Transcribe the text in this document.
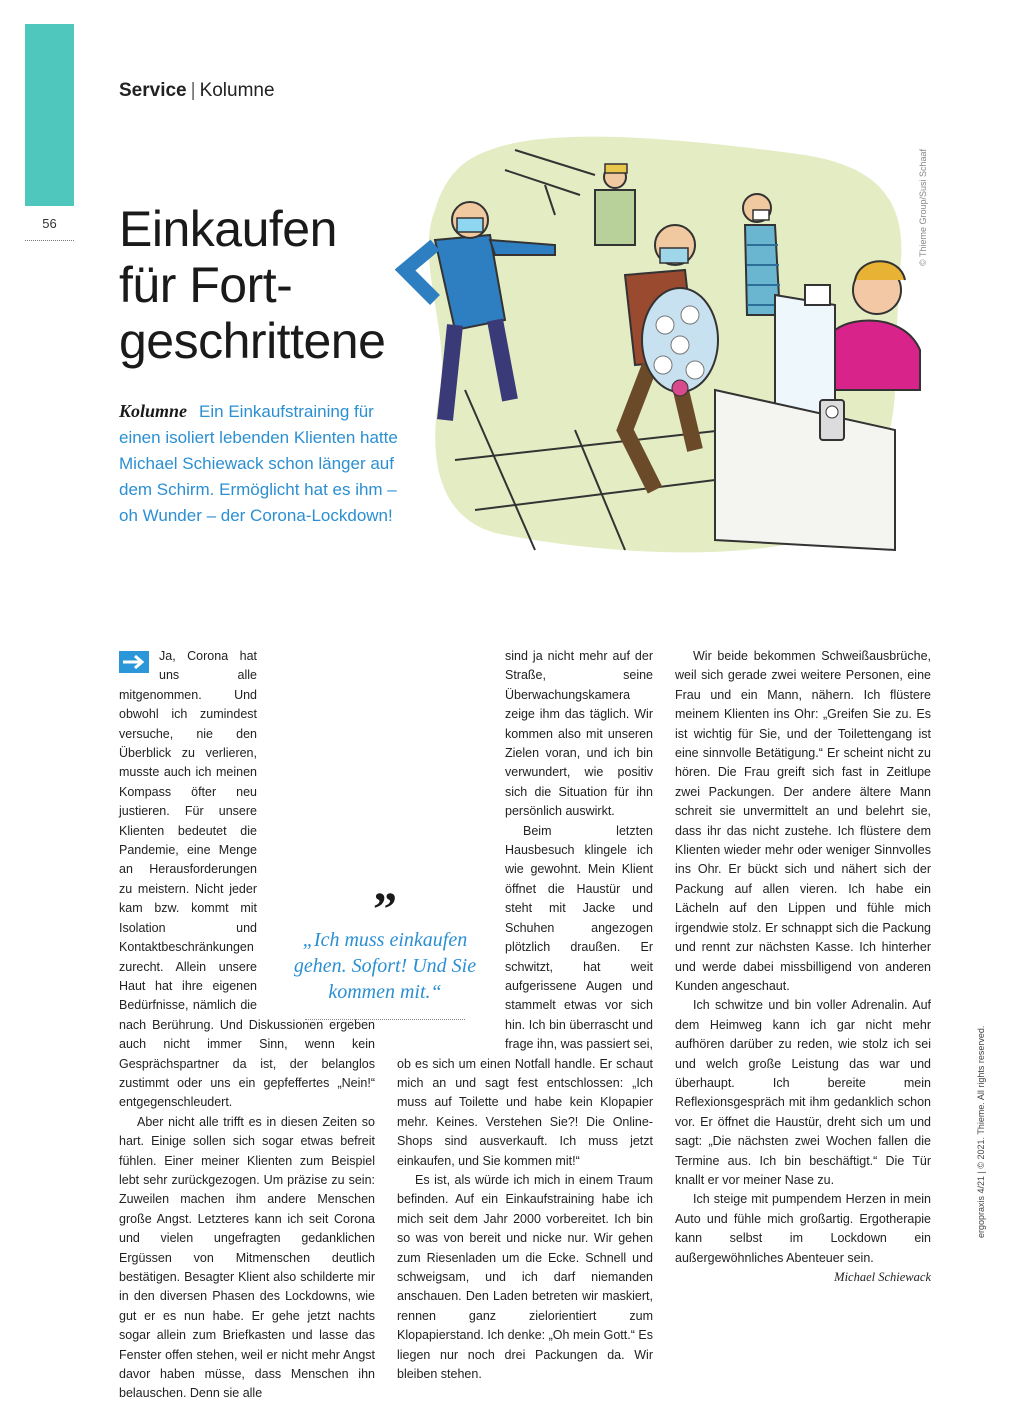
56
Service | Kolumne
Einkaufen
für Fort-
geschrittene
Kolumne Ein Einkaufstraining für einen isoliert lebenden Klienten hatte Michael Schiewack schon länger auf dem Schirm. Ermöglicht hat es ihm – oh Wunder – der Corona-Lockdown!
© Thieme Group/Susi Schaaf

Ja, Corona hat uns alle mitgenommen. Und obwohl ich zumindest versuche, nie den Überblick zu verlieren, musste auch ich meinen Kompass öfter neu justieren. Für unsere Klienten bedeutet die Pandemie, eine Menge an Herausforderungen zu meistern. Nicht jeder kam bzw. kommt mit Isolation und Kontaktbeschränkungen zurecht. Allein unsere Haut hat ihre eigenen Bedürfnisse, nämlich die nach Berührung. Und Diskussionen ergeben auch nicht immer Sinn, wenn kein Gesprächspartner da ist, der belanglos zustimmt oder uns ein gepfeffertes „Nein!“ entgegenschleudert.

Aber nicht alle trifft es in diesen Zeiten so hart. Einige sollen sich sogar etwas befreit fühlen. Einer meiner Klienten zum Beispiel lebt sehr zurückgezogen. Um präzise zu sein: Zuweilen machen ihm andere Menschen große Angst. Letzteres kann ich seit Corona und vielen ungefragten gedanklichen Ergüssen von Mitmenschen deutlich bestätigen. Besagter Klient also schilderte mir in den diversen Phasen des Lockdowns, wie gut er es nun habe. Er gehe jetzt nachts sogar allein zum Briefkasten und lasse das Fenster offen stehen, weil er nicht mehr Angst davor haben müsse, dass Menschen ihn belauschen. Denn sie alle

sind ja nicht mehr auf der Straße, seine Überwachungskamera zeige ihm das täglich. Wir kommen also mit unseren Zielen voran, und ich bin verwundert, wie positiv sich die Situation für ihn persönlich auswirkt.

Beim letzten Hausbesuch klingele ich wie gewohnt. Mein Klient öffnet die Haustür und steht mit Jacke und Schuhen angezogen plötzlich draußen. Er schwitzt, hat weit aufgerissene Augen und stammelt etwas vor sich hin. Ich bin überrascht und frage ihn, was passiert sei, ob es sich um einen Notfall handle. Er schaut mich an und sagt fest entschlossen: „Ich muss auf Toilette und habe kein Klopapier mehr. Keines. Verstehen Sie?! Die Online-Shops sind ausverkauft. Ich muss jetzt einkaufen, und Sie kommen mit!“

Es ist, als würde ich mich in einem Traum befinden. Auf ein Einkaufstraining habe ich mich seit dem Jahr 2000 vorbereitet. Ich bin so was von bereit und nicke nur. Wir gehen zum Riesenladen um die Ecke. Schnell und schweigsam, und ich darf niemanden anschauen. Den Laden betreten wir maskiert, rennen ganz zielorientiert zum Klopapierstand. Ich denke: „Oh mein Gott.“ Es liegen nur noch drei Packungen da. Wir bleiben stehen.

Wir beide bekommen Schweißausbrüche, weil sich gerade zwei weitere Personen, eine Frau und ein Mann, nähern. Ich flüstere meinem Klienten ins Ohr: „Greifen Sie zu. Es ist wichtig für Sie, und der Toilettengang ist eine sinnvolle Betätigung.“ Er scheint nicht zu hören. Die Frau greift sich fast in Zeitlupe zwei Packungen. Der andere ältere Mann schreit sie unvermittelt an und belehrt sie, dass ihr das nicht zustehe. Ich flüstere dem Klienten wieder mehr oder weniger Sinnvolles ins Ohr. Er bückt sich und nähert sich der Packung auf allen vieren. Ich habe ein Lächeln auf den Lippen und fühle mich irgendwie stolz. Er schnappt sich die Packung und rennt zur nächsten Kasse. Ich hinterher und werde dabei missbilligend von anderen Kunden angeschaut.

Ich schwitze und bin voller Adrenalin. Auf dem Heimweg kann ich gar nicht mehr aufhören darüber zu reden, wie stolz ich sei und welch große Leistung das war und überhaupt. Ich bereite mein Reflexionsgespräch mit ihm gedanklich schon vor. Er öffnet die Haustür, dreht sich um und sagt: „Die nächsten zwei Wochen fallen die Termine aus. Ich bin beschäftigt.“ Die Tür knallt er vor meiner Nase zu.

Ich steige mit pumpendem Herzen in mein Auto und fühle mich großartig. Ergotherapie kann selbst im Lockdown ein außergewöhnliches Abenteuer sein.
Michael Schiewack

”
„Ich muss einkaufen gehen. Sofort! Und Sie kommen mit.“
ergopraxis 4/21 | © 2021. Thieme. All rights reserved.
